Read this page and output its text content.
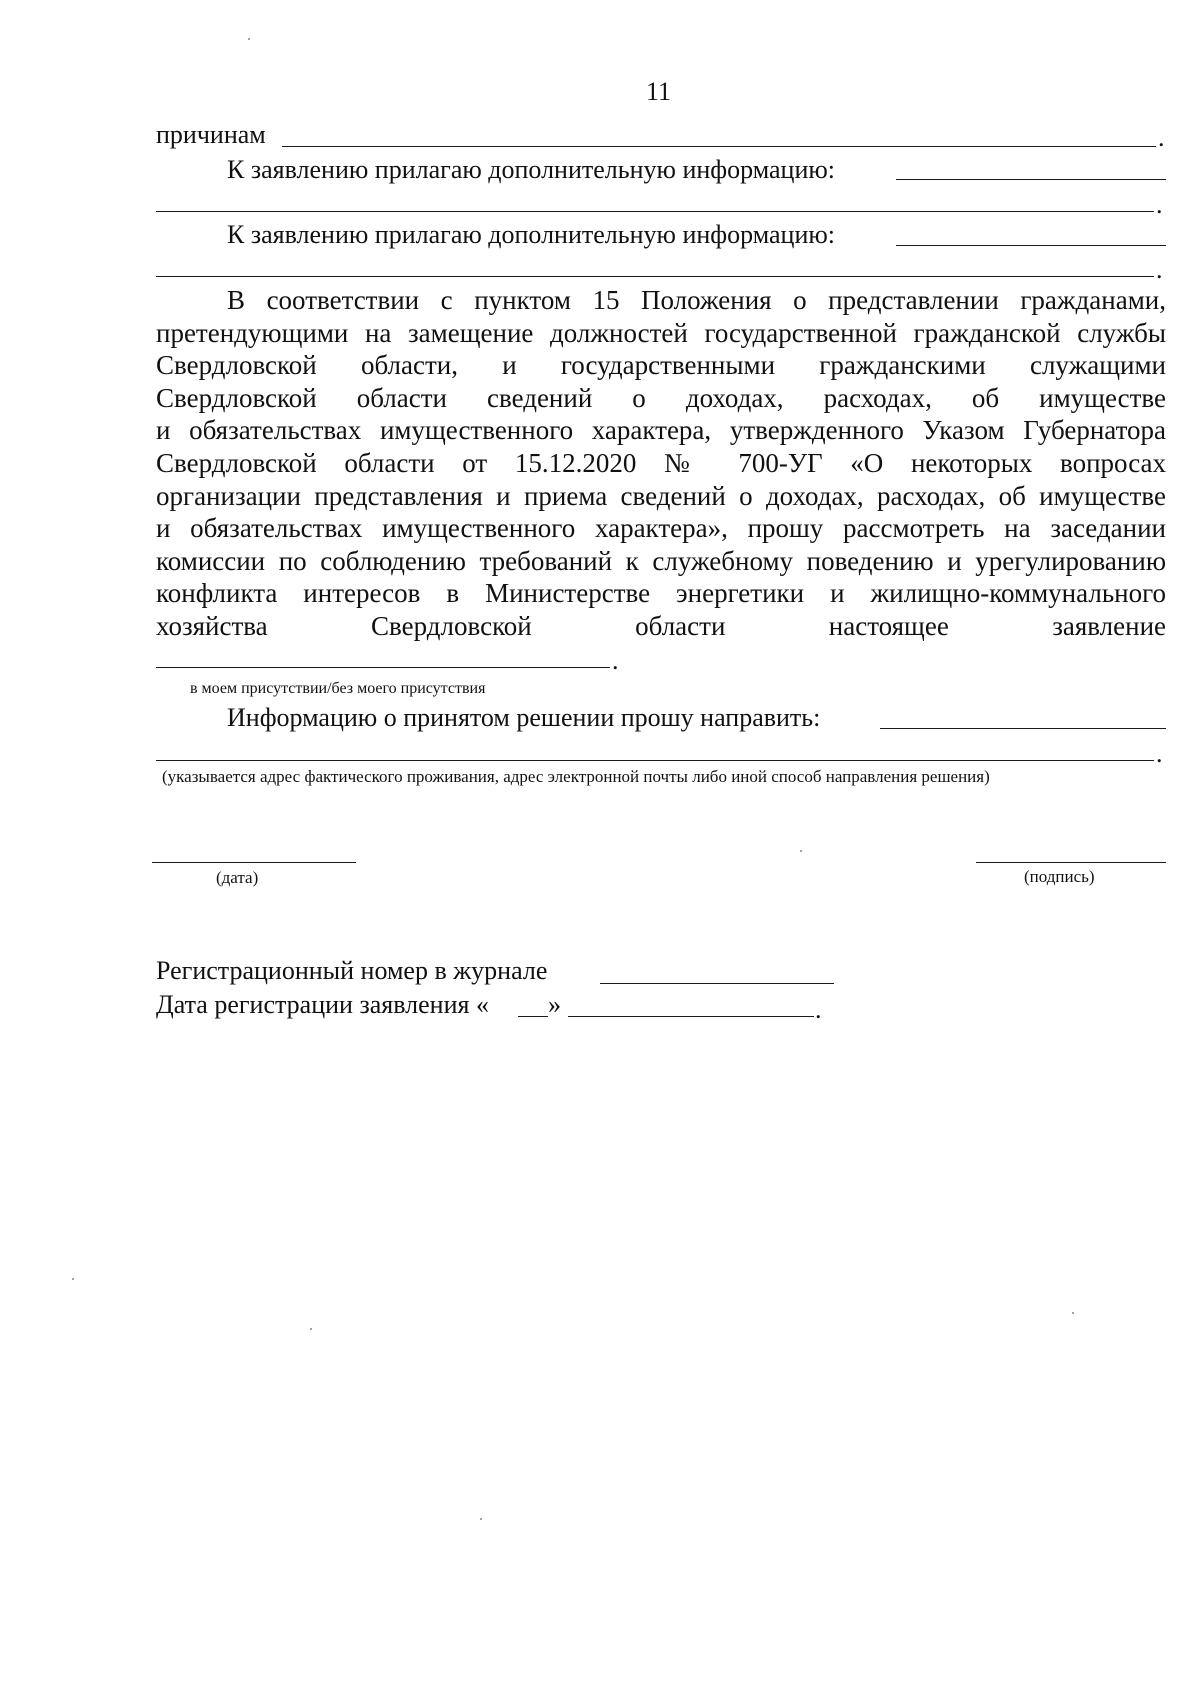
11
причинам	.
К заявлению прилагаю дополнительную информацию:
.
К заявлению прилагаю дополнительную информацию:
.
В соответствии с пунктом 15 Положения о представлении гражданами,
претендующими на замещение должностей государственной гражданской службы
Свердловской области, и государственными гражданскими служащими
Свердловской области сведений о доходах, расходах, об имуществе
и обязательствах имущественного характера, утвержденного Указом Губернатора
Свердловской области от 15.12.2020 № 700-УГ «О некоторых вопросах
организации представления и приема сведений о доходах, расходах, об имуществе
и обязательствах имущественного характера», прошу рассмотреть на заседании
комиссии по соблюдению требований к служебному поведению и урегулированию
конфликта интересов в Министерстве энергетики и жилищно-коммунального
хозяйства Свердловской области настоящее заявление
.
в моем присутствии/без моего присутствия
Информацию о принятом решении прошу направить:
.
(указывается адрес фактического проживания, адрес электронной почты либо иной способ направления решения)
(дата)	(подпись)
Регистрационный номер в журнале
Дата регистрации заявления « »	.
